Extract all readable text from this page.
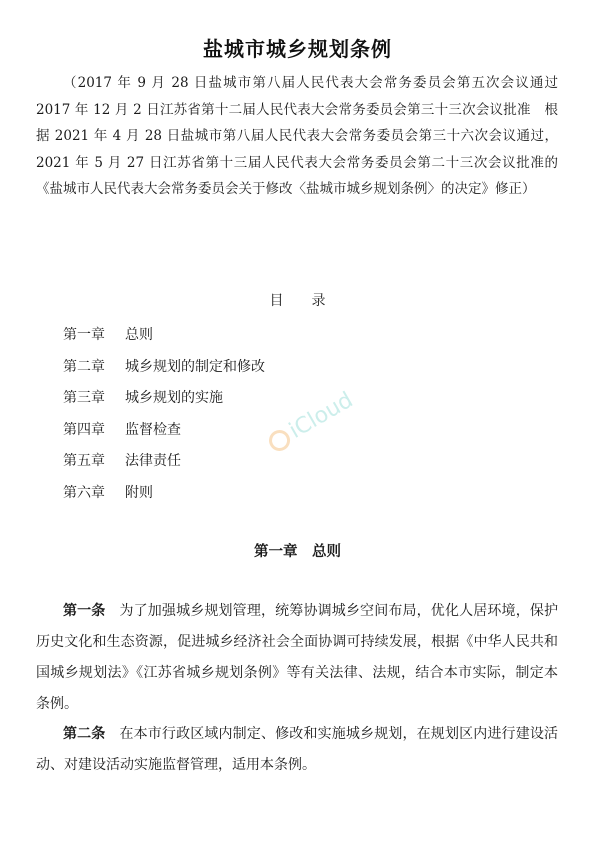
盐城市城乡规划条例
（2017 年 9 月 28 日盐城市第八届人民代表大会常务委员会第五次会议通过　2017 年 12 月 2 日江苏省第十二届人民代表大会常务委员会第三十三次会议批准　根据 2021 年 4 月 28 日盐城市第八届人民代表大会常务委员会第三十六次会议通过，2021 年 5 月 27 日江苏省第十三届人民代表大会常务委员会第二十三次会议批准的《盐城市人民代表大会常务委员会关于修改〈盐城市城乡规划条例〉的决定》修正）
目录
第一章 总则
第二章 城乡规划的制定和修改
第三章 城乡规划的实施
第四章 监督检查
第五章 法律责任
第六章 附则
iCloud
第一章　总则
第一条 为了加强城乡规划管理，统筹协调城乡空间布局，优化人居环境，保护历史文化和生态资源，促进城乡经济社会全面协调可持续发展，根据《中华人民共和国城乡规划法》《江苏省城乡规划条例》等有关法律、法规，结合本市实际，制定本条例。
第二条 在本市行政区域内制定、修改和实施城乡规划，在规划区内进行建设活动、对建设活动实施监督管理，适用本条例。
